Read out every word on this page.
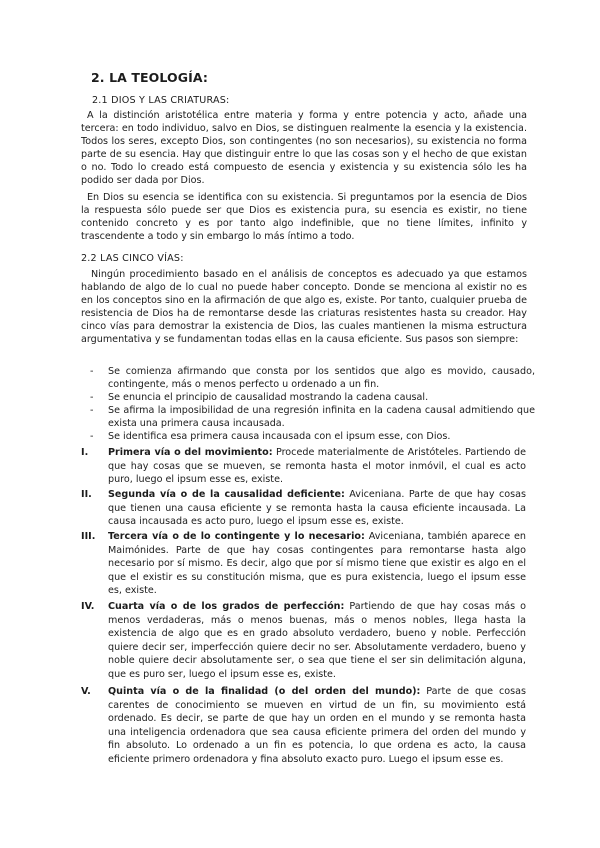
2. LA TEOLOGÍA:
2.1 DIOS Y LAS CRIATURAS:

A la distinción aristotélica entre materia y forma y entre potencia y acto, añade una tercera: en todo individuo, salvo en Dios, se distinguen realmente la esencia y la existencia. Todos los seres, excepto Dios, son contingentes (no son necesarios), su existencia no forma parte de su esencia. Hay que distinguir entre lo que las cosas son y el hecho de que existan o no. Todo lo creado está compuesto de esencia y existencia y su existencia sólo les ha podido ser dada por Dios.

En Dios su esencia se identifica con su existencia. Si preguntamos por la esencia de Dios la respuesta sólo puede ser que Dios es existencia pura, su esencia es existir, no tiene contenido concreto y es por tanto algo indefinible, que no tiene límites, infinito y trascendente a todo y sin embargo lo más íntimo a todo.

2.2 LAS CINCO VÍAS:

Ningún procedimiento basado en el análisis de conceptos es adecuado ya que estamos hablando de algo de lo cual no puede haber concepto. Donde se menciona al existir no es en los conceptos sino en la afirmación de que algo es, existe. Por tanto, cualquier prueba de resistencia de Dios ha de remontarse desde las criaturas resistentes hasta su creador. Hay cinco vías para demostrar la existencia de Dios, las cuales mantienen la misma estructura argumentativa y se fundamentan todas ellas en la causa eficiente. Sus pasos son siempre:

- Se comienza afirmando que consta por los sentidos que algo es movido, causado, contingente, más o menos perfecto u ordenado a un fin.
- Se enuncia el principio de causalidad mostrando la cadena causal.
- Se afirma la imposibilidad de una regresión infinita en la cadena causal admitiendo que exista una primera causa incausada.
- Se identifica esa primera causa incausada con el ipsum esse, con Dios.
I. Primera vía o del movimiento: Procede materialmente de Aristóteles. Partiendo de que hay cosas que se mueven, se remonta hasta el motor inmóvil, el cual es acto puro, luego el ipsum esse es, existe.
II. Segunda vía o de la causalidad deficiente: Aviceniana. Parte de que hay cosas que tienen una causa eficiente y se remonta hasta la causa eficiente incausada. La causa incausada es acto puro, luego el ipsum esse es, existe.
III. Tercera vía o de lo contingente y lo necesario: Aviceniana, también aparece en Maimónides. Parte de que hay cosas contingentes para remontarse hasta algo necesario por sí mismo. Es decir, algo que por sí mismo tiene que existir es algo en el que el existir es su constitución misma, que es pura existencia, luego el ipsum esse es, existe.
IV. Cuarta vía o de los grados de perfección: Partiendo de que hay cosas más o menos verdaderas, más o menos buenas, más o menos nobles, llega hasta la existencia de algo que es en grado absoluto verdadero, bueno y noble. Perfección quiere decir ser, imperfección quiere decir no ser. Absolutamente verdadero, bueno y noble quiere decir absolutamente ser, o sea que tiene el ser sin delimitación alguna, que es puro ser, luego el ipsum esse es, existe.
V. Quinta vía o de la finalidad (o del orden del mundo): Parte de que cosas carentes de conocimiento se mueven en virtud de un fin, su movimiento está ordenado. Es decir, se parte de que hay un orden en el mundo y se remonta hasta una inteligencia ordenadora que sea causa eficiente primera del orden del mundo y fin absoluto. Lo ordenado a un fin es potencia, lo que ordena es acto, la causa eficiente primero ordenadora y fina absoluto exacto puro. Luego el ipsum esse es.
